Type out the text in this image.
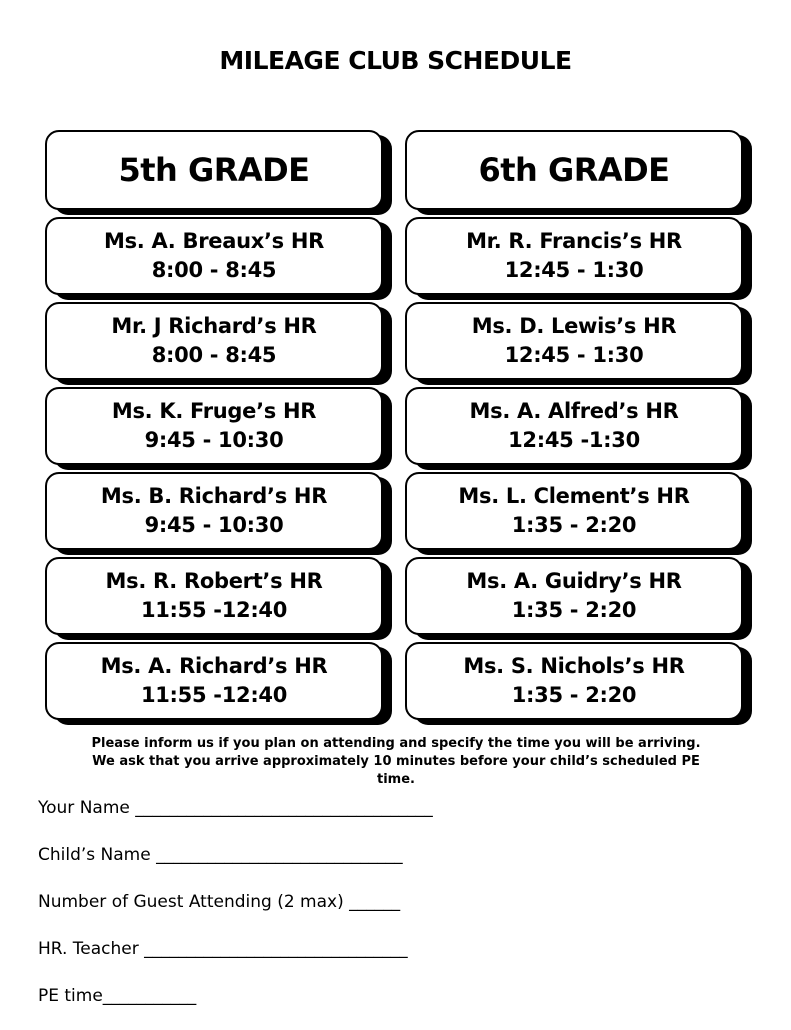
MILEAGE CLUB SCHEDULE
5th GRADE
Ms. A. Breaux’s HR
8:00 - 8:45
Mr. J Richard’s HR
8:00 - 8:45
Ms. K. Fruge’s HR
9:45 - 10:30
Ms. B. Richard’s HR
9:45 - 10:30
Ms. R. Robert’s HR
11:55 -12:40
Ms. A. Richard’s HR
11:55 -12:40
6th GRADE
Mr. R. Francis’s HR
12:45 - 1:30
Ms. D. Lewis’s HR
12:45 - 1:30
Ms. A. Alfred’s HR
12:45 -1:30
Ms. L. Clement’s HR
1:35 - 2:20
Ms. A. Guidry’s HR
1:35 - 2:20
Ms. S. Nichols’s HR
1:35 - 2:20
Please inform us if you plan on attending and specify the time you will be arriving.
We ask that you arrive approximately 10 minutes before your child’s scheduled PE
time.
Your Name ___________________________________
Child’s Name _____________________________
Number of Guest Attending (2 max) ______
HR. Teacher _______________________________
PE time___________
